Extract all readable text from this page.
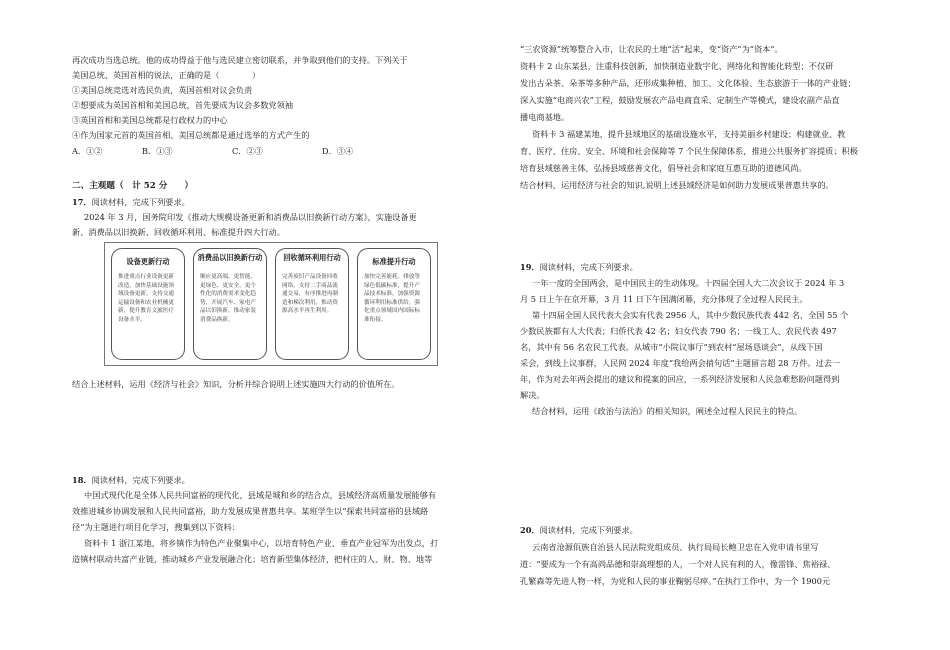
再次成功当选总统。他的成功得益于他与选民建立密切联系，并争取到他们的支持。下列关于
美国总统、英国首相的说法，正确的是（　　　　）
①美国总统竞选对选民负责，英国首相对议会负责
②想要成为英国首相和美国总统，首先要成为议会多数党领袖
③英国首相和美国总统都是行政权力的中心
④作为国家元首的英国首相、美国总统都是通过选举的方式产生的
A．①②	B．①③	C．②③	D．③④
二、主观题（　计 52 分　　）
17．阅读材料，完成下列要求。
2024 年 3 月，国务院印发《推动大规模设备更新和消费品以旧换新行动方案》，实施设备更
新、消费品以旧换新、回收循环利用、标准提升四大行动。
设备更新行动
推进重点行业设备更新改造，加快基础设施领域设备更新，支持交通运输设备和农业机械更新，提升教育文旅医疗设备水平。
消费品以旧换新行动
顺应更高端、更智能、更绿色、更安全，更个性化的消费需求变化趋势，开展汽车、家电产品以旧换新，推动家装消费品换新。
回收循环利用行动
完善废旧产品设备回收网络，支持二手商品流通交易，有序推进再制造和梯次利用，推动资源高水平再生利用。
标准提升行动
加快完善能耗、排放等绿色低碳标准，提升产品技术标准，加强资源循环利用标准供给，强化重点领域国内国际标准衔接。
结合上述材料，运用《经济与社会》知识，分析并综合说明上述实施四大行动的价值所在。
18．阅读材料，完成下列要求。
中国式现代化是全体人民共同富裕的现代化，县域是城和乡的结合点，县域经济高质量发展能够有
效推进城乡协调发展和人民共同富裕，助力发展成果普惠共享。某班学生以“探索共同富裕的县域路
径”为主题进行项目化学习，搜集到以下资料：
资料卡 1 浙江某地，将乡镇作为特色产业聚集中心，以培育特色产业、垂直产业冠军为出发点，打
造镇村联动共富产业链，推动城乡产业发展融合化；培育新型集体经济，把村庄的人、财、物、地等
“三农资源”统筹整合入市，让农民的土地“活”起来，变“资产”为“资本”。
资料卡 2 山东某县，注重科技创新，加快制造业数字化、网络化和智能化转型；不仅研
发出古朵茶、朵茶等多种产品，还形成集种植、加工、文化体验、生态旅游于一体的产业链；
深入实施“电商兴农”工程，鼓励发展农产品电商直采、定制生产等模式，建设农副产品直
播电商基地。
资料卡 3 福建某地，提升县域地区的基础设施水平，支持美丽乡村建设；构建就业、教
育、医疗、住房、安全、环境和社会保障等 7 个民生保障体系，推进公共服务扩容提质；积极
培育县域慈善主体，弘扬县域慈善文化，倡导社会和家庭互惠互助的道德风尚。
结合材料，运用经济与社会的知识,说明上述县域经济是如何助力发展成果普惠共享的。
19．阅读材料，完成下列要求。
一年一度的全国两会，是中国民主的生动体现。十四届全国人大二次会议于 2024 年 3
月 5 日上午在京开幕，3 月 11 日下午国满闭幕，充分体现了全过程人民民主。
第十四届全国人民代表大会实有代表 2956 人，其中少数民族代表 442 名，全国 55 个
少数民族都有人大代表；归侨代表 42 名；妇女代表 790 名；一线工人、农民代表 497
名，其中有 56 名农民工代表。从城市“小院议事厅”到农村“屋场恳谈会”，从线下国
采会，到线上议事群，人民网 2024 年度“我给两会捎句话”主题留言超 28 万件。过去一
年，作为对去年两会提出的建议和提案的回应，一系列经济发展和人民急难愁盼问题得到
解决。
结合材料，运用《政治与法治》的相关知识，阐述全过程人民民主的特点。
20．阅读材料，完成下列要求。
云南省沧源佤族自治县人民法院党组成员、执行局局长鲍卫忠在入党申请书里写
道：“要成为一个有高尚品德和崇高理想的人，一个对人民有利的人，像雷锋、焦裕禄、
孔繁森等先进人物一样，为党和人民的事业鞠躬尽瘁。”在执行工作中，为一个 1900元
